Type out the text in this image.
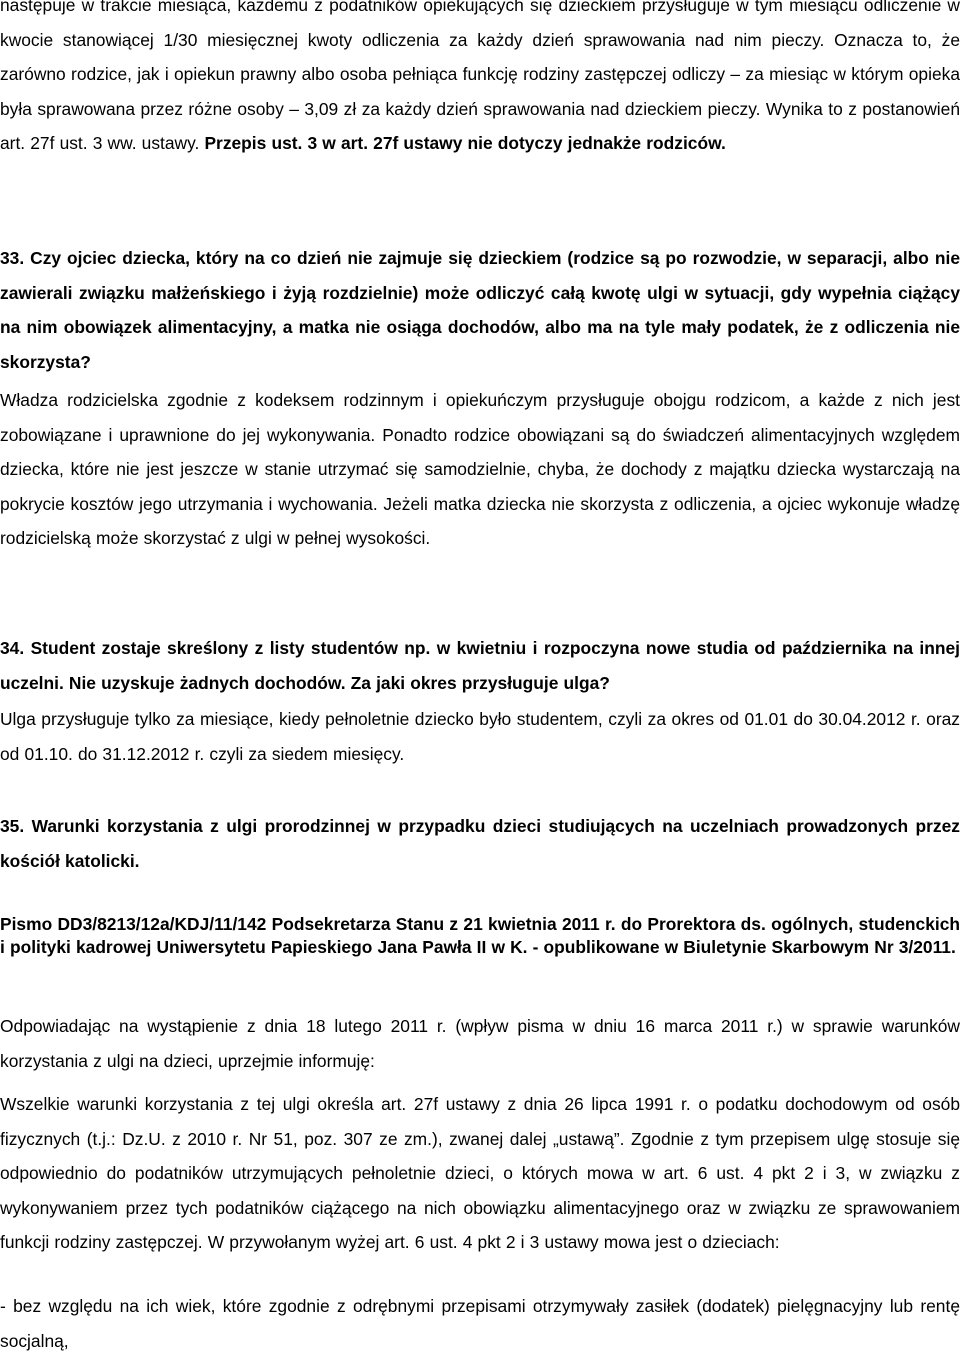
następuje w trakcie miesiąca, każdemu z podatników opiekujących się dzieckiem przysługuje w tym miesiącu odliczenie w kwocie stanowiącej 1/30 miesięcznej kwoty odliczenia za każdy dzień sprawowania nad nim pieczy. Oznacza to, że zarówno rodzice, jak i opiekun prawny albo osoba pełniąca funkcję rodziny zastępczej odliczy – za miesiąc w którym opieka była sprawowana przez różne osoby – 3,09 zł za każdy dzień sprawowania nad dzieckiem pieczy. Wynika to z postanowień art. 27f ust. 3 ww. ustawy. Przepis ust. 3 w art. 27f ustawy nie dotyczy jednakże rodziców.

33. Czy ojciec dziecka, który na co dzień nie zajmuje się dzieckiem (rodzice są po rozwodzie, w separacji, albo nie zawierali związku małżeńskiego i żyją rozdzielnie) może odliczyć całą kwotę ulgi w sytuacji, gdy wypełnia ciążący na nim obowiązek alimentacyjny, a matka nie osiąga dochodów, albo ma na tyle mały podatek, że z odliczenia nie skorzysta?

Władza rodzicielska zgodnie z kodeksem rodzinnym i opiekuńczym przysługuje obojgu rodzicom, a każde z nich jest zobowiązane i uprawnione do jej wykonywania. Ponadto rodzice obowiązani są do świadczeń alimentacyjnych względem dziecka, które nie jest jeszcze w stanie utrzymać się samodzielnie, chyba, że dochody z majątku dziecka wystarczają na pokrycie kosztów jego utrzymania i wychowania. Jeżeli matka dziecka nie skorzysta z odliczenia, a ojciec wykonuje władzę rodzicielską może skorzystać z ulgi w pełnej wysokości.

34. Student zostaje skreślony z listy studentów np. w kwietniu i rozpoczyna nowe studia od października na innej uczelni. Nie uzyskuje żadnych dochodów. Za jaki okres przysługuje ulga?

Ulga przysługuje tylko za miesiące, kiedy pełnoletnie dziecko było studentem, czyli za okres od 01.01 do 30.04.2012 r. oraz od 01.10. do 31.12.2012 r. czyli za siedem miesięcy.

35. Warunki korzystania z ulgi prorodzinnej w przypadku dzieci studiujących na uczelniach prowadzonych przez kościół katolicki.

Pismo DD3/8213/12a/KDJ/11/142 Podsekretarza Stanu z 21 kwietnia 2011 r. do Prorektora ds. ogólnych, studenckich i polityki kadrowej Uniwersytetu Papieskiego Jana Pawła II w K. - opublikowane w Biuletynie Skarbowym Nr 3/2011.

Odpowiadając na wystąpienie z dnia 18 lutego 2011 r. (wpływ pisma w dniu 16 marca 2011 r.) w sprawie warunków korzystania z ulgi na dzieci, uprzejmie informuję:

Wszelkie warunki korzystania z tej ulgi określa art. 27f ustawy z dnia 26 lipca 1991 r. o podatku dochodowym od osób fizycznych (t.j.: Dz.U. z 2010 r. Nr 51, poz. 307 ze zm.), zwanej dalej „ustawą”. Zgodnie z tym przepisem ulgę stosuje się odpowiednio do podatników utrzymujących pełnoletnie dzieci, o których mowa w art. 6 ust. 4 pkt 2 i 3, w związku z wykonywaniem przez tych podatników ciążącego na nich obowiązku alimentacyjnego oraz w związku ze sprawowaniem funkcji rodziny zastępczej. W przywołanym wyżej art. 6 ust. 4 pkt 2 i 3 ustawy mowa jest o dzieciach:

- bez względu na ich wiek, które zgodnie z odrębnymi przepisami otrzymywały zasiłek (dodatek) pielęgnacyjny lub rentę socjalną,
